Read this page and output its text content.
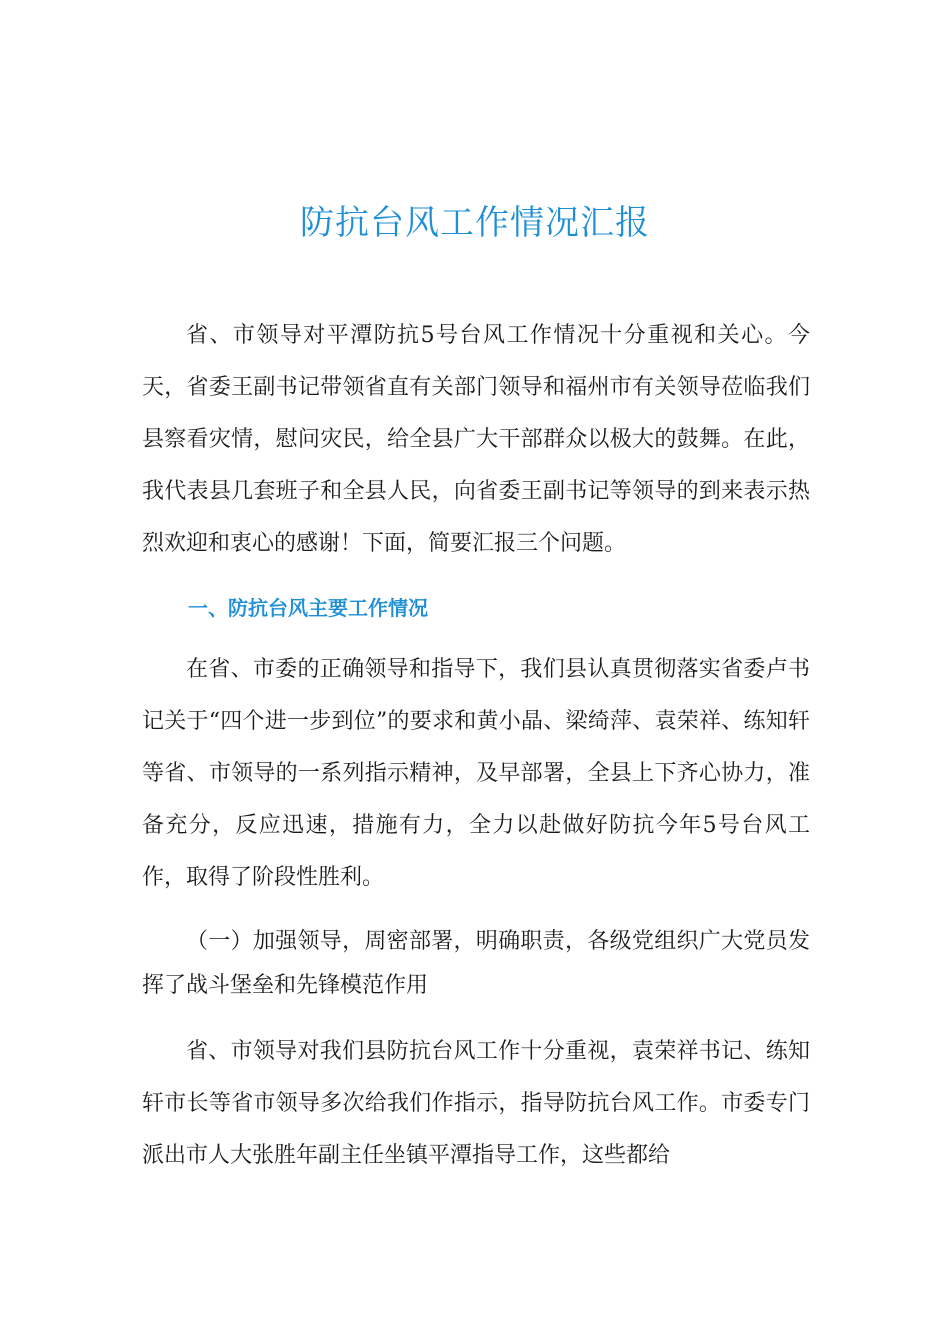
防抗台风工作情况汇报

省、市领导对平潭防抗5号台风工作情况十分重视和关心。今天，省委王副书记带领省直有关部门领导和福州市有关领导莅临我们县察看灾情，慰问灾民，给全县广大干部群众以极大的鼓舞。在此，我代表县几套班子和全县人民，向省委王副书记等领导的到来表示热烈欢迎和衷心的感谢！下面，简要汇报三个问题。

一、防抗台风主要工作情况

在省、市委的正确领导和指导下，我们县认真贯彻落实省委卢书记关于“四个进一步到位”的要求和黄小晶、梁绮萍、袁荣祥、练知轩等省、市领导的一系列指示精神，及早部署，全县上下齐心协力，准备充分，反应迅速，措施有力，全力以赴做好防抗今年5号台风工作，取得了阶段性胜利。

（一）加强领导，周密部署，明确职责，各级党组织广大党员发挥了战斗堡垒和先锋模范作用

省、市领导对我们县防抗台风工作十分重视，袁荣祥书记、练知轩市长等省市领导多次给我们作指示，指导防抗台风工作。市委专门派出市人大张胜年副主任坐镇平潭指导工作，这些都给
